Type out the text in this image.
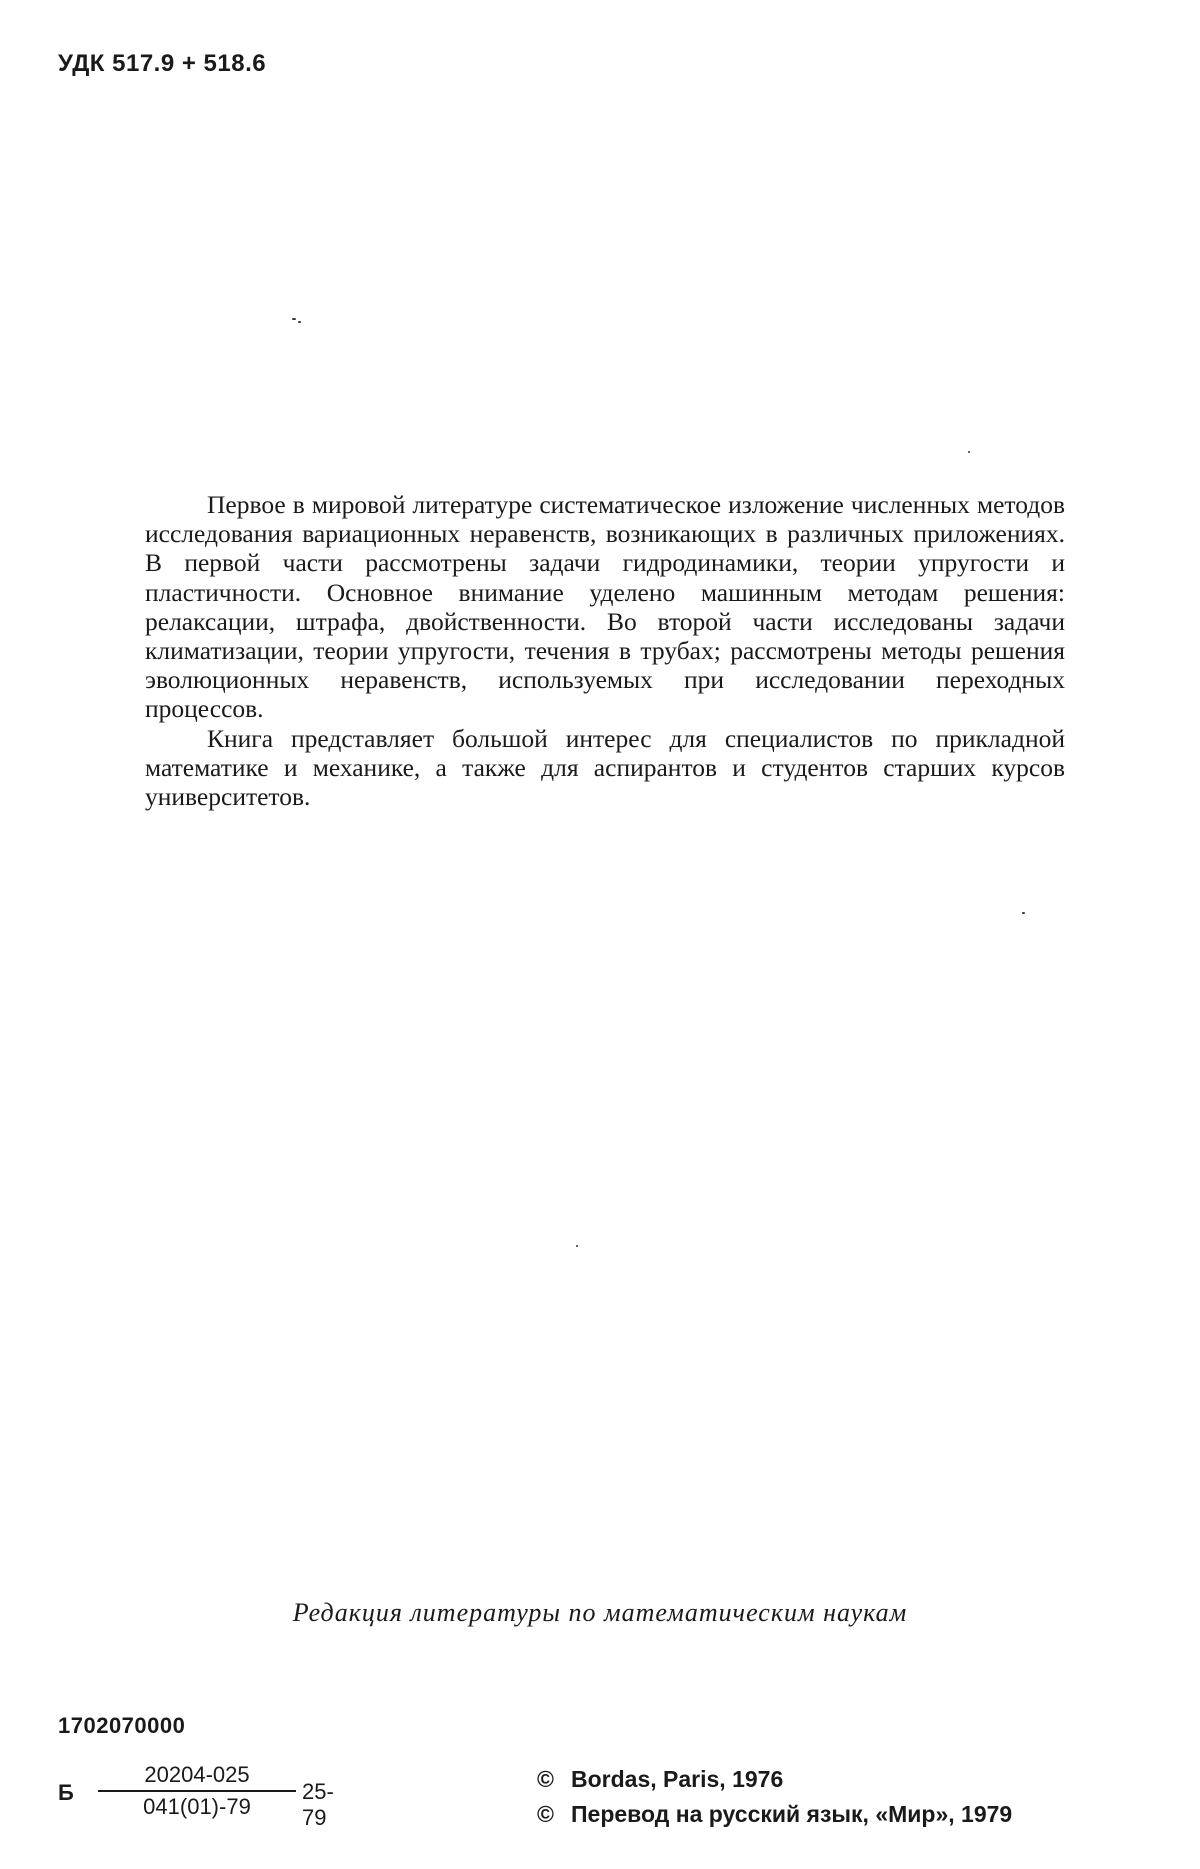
УДК 517.9 + 518.6

Первое в мировой литературе систематическое изложение численных методов исследования вариационных неравенств, возникающих в различных приложениях. В первой части рассмотрены задачи гидродинамики, теории упругости и пластичности. Основное внимание уделено машинным методам решения: релаксации, штрафа, двойственности. Во второй части исследованы задачи климатизации, теории упругости, течения в трубах; рассмотрены методы решения эволюционных неравенств, используемых при исследовании переходных процессов.

Книга представляет большой интерес для специалистов по прикладной математике и механике, а также для аспирантов и студентов старших курсов университетов.

Редакция литературы по математическим наукам
1702070000
Б
20204-025
041(01)-79
25-79
© Bordas, Paris, 1976
© Перевод на русский язык, «Мир», 1979
